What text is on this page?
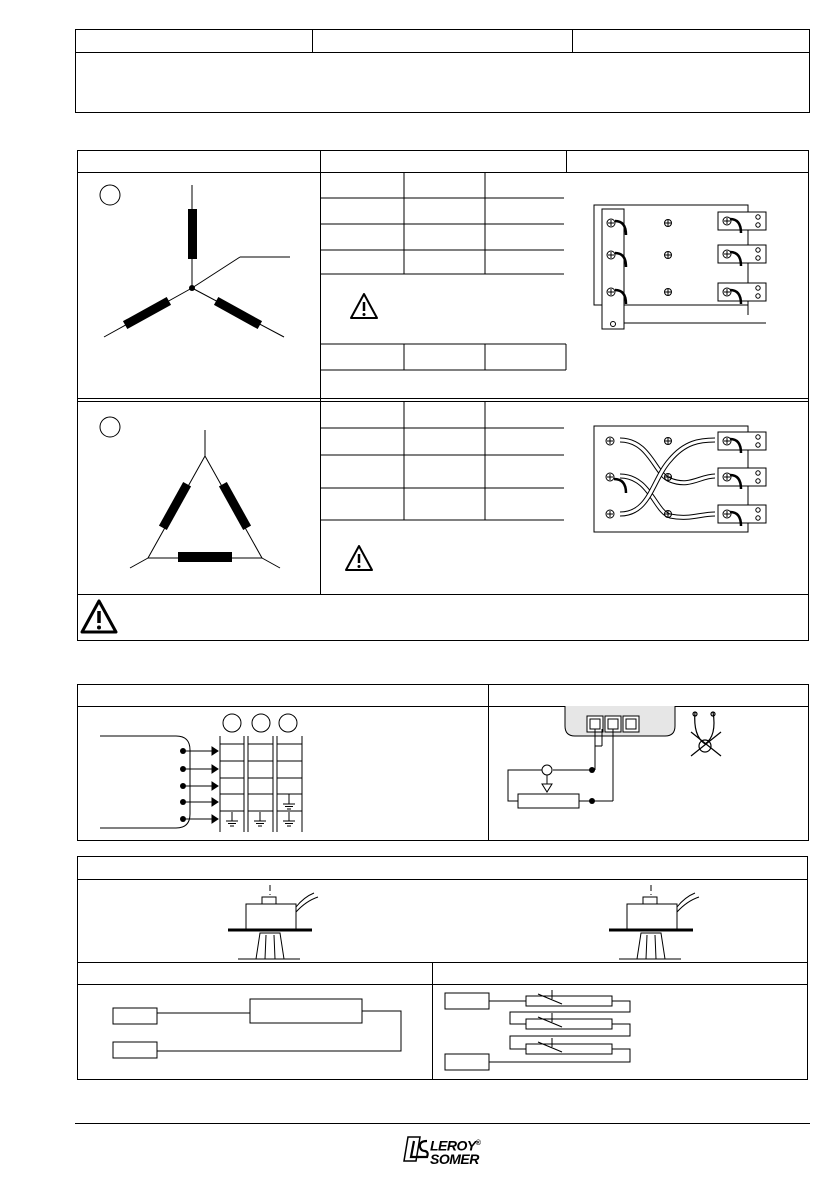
LEROY®
SOMER
